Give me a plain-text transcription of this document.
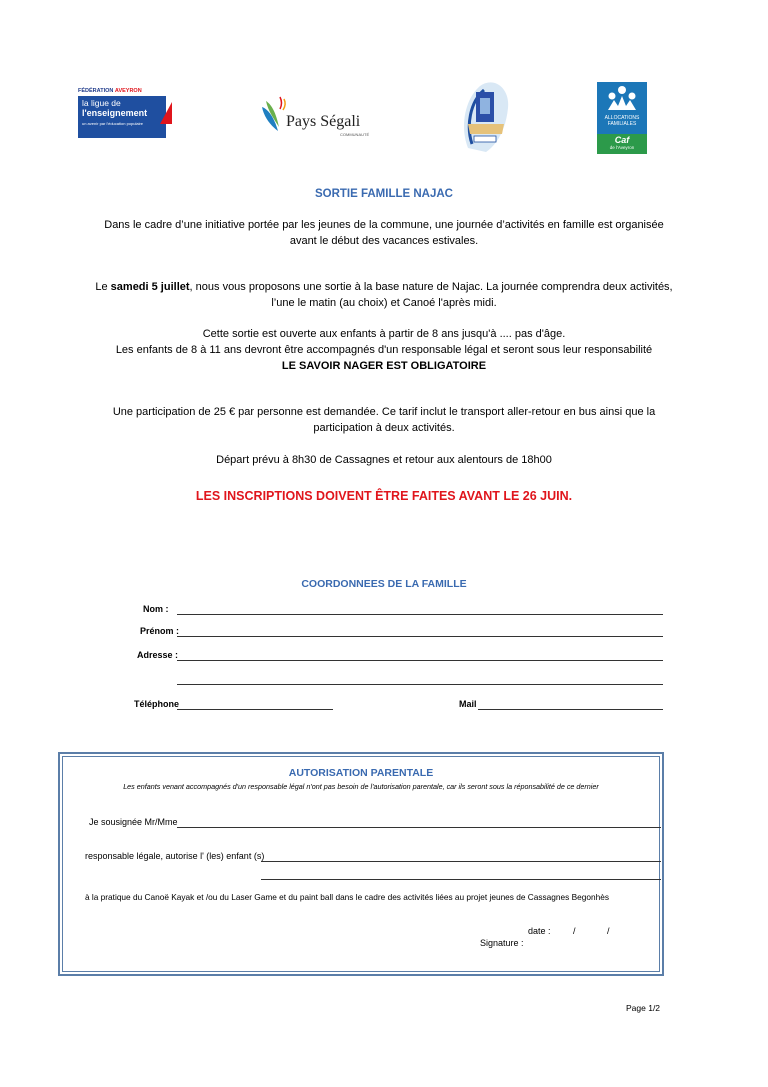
FÉDÉRATION AVEYRON
la ligue de
l'enseignement
un avenir par l'éducation populaire	Pays Ségali
COMMUNAUTÉ
ALLOCATIONS
FAMILIALES
Caf
de l'Aveyron
SORTIE FAMILLE NAJAC
Dans le cadre d’une initiative portée par les jeunes de la commune, une journée d’activités en famille est organisée
avant le début des vacances estivales.
Le samedi 5 juillet, nous vous proposons une sortie à la base nature de Najac. La journée comprendra deux activités,
l’une le matin (au choix) et Canoé l'après midi.
Cette sortie est ouverte aux enfants à partir de 8 ans jusqu'à .... pas d'âge.
Les enfants de 8 à 11 ans devront être accompagnés d'un responsable légal et seront sous leur responsabilité
LE SAVOIR NAGER EST OBLIGATOIRE
Une participation de 25 € par personne est demandée. Ce tarif inclut le transport aller-retour en bus ainsi que la
participation à deux activités.
Départ prévu à 8h30 de Cassagnes et retour aux alentours de 18h00
LES INSCRIPTIONS DOIVENT ÊTRE FAITES AVANT LE 26 JUIN.
COORDONNEES DE LA FAMILLE
Nom :
Prénom :
Adresse :
Téléphone	Mail
AUTORISATION PARENTALE
Les enfants venant accompagnés d'un responsable légal n'ont pas besoin de l'autorisation parentale, car ils seront sous la réponsabilité de ce dernier
Je sousignée Mr/Mme
responsable légale, autorise l' (les) enfant (s)
à la pratique du Canoë Kayak et /ou du Laser Game et du paint ball dans le cadre des activités liées au projet jeunes de Cassagnes Begonhès
date : /	/
Signature :
Page 1/2
